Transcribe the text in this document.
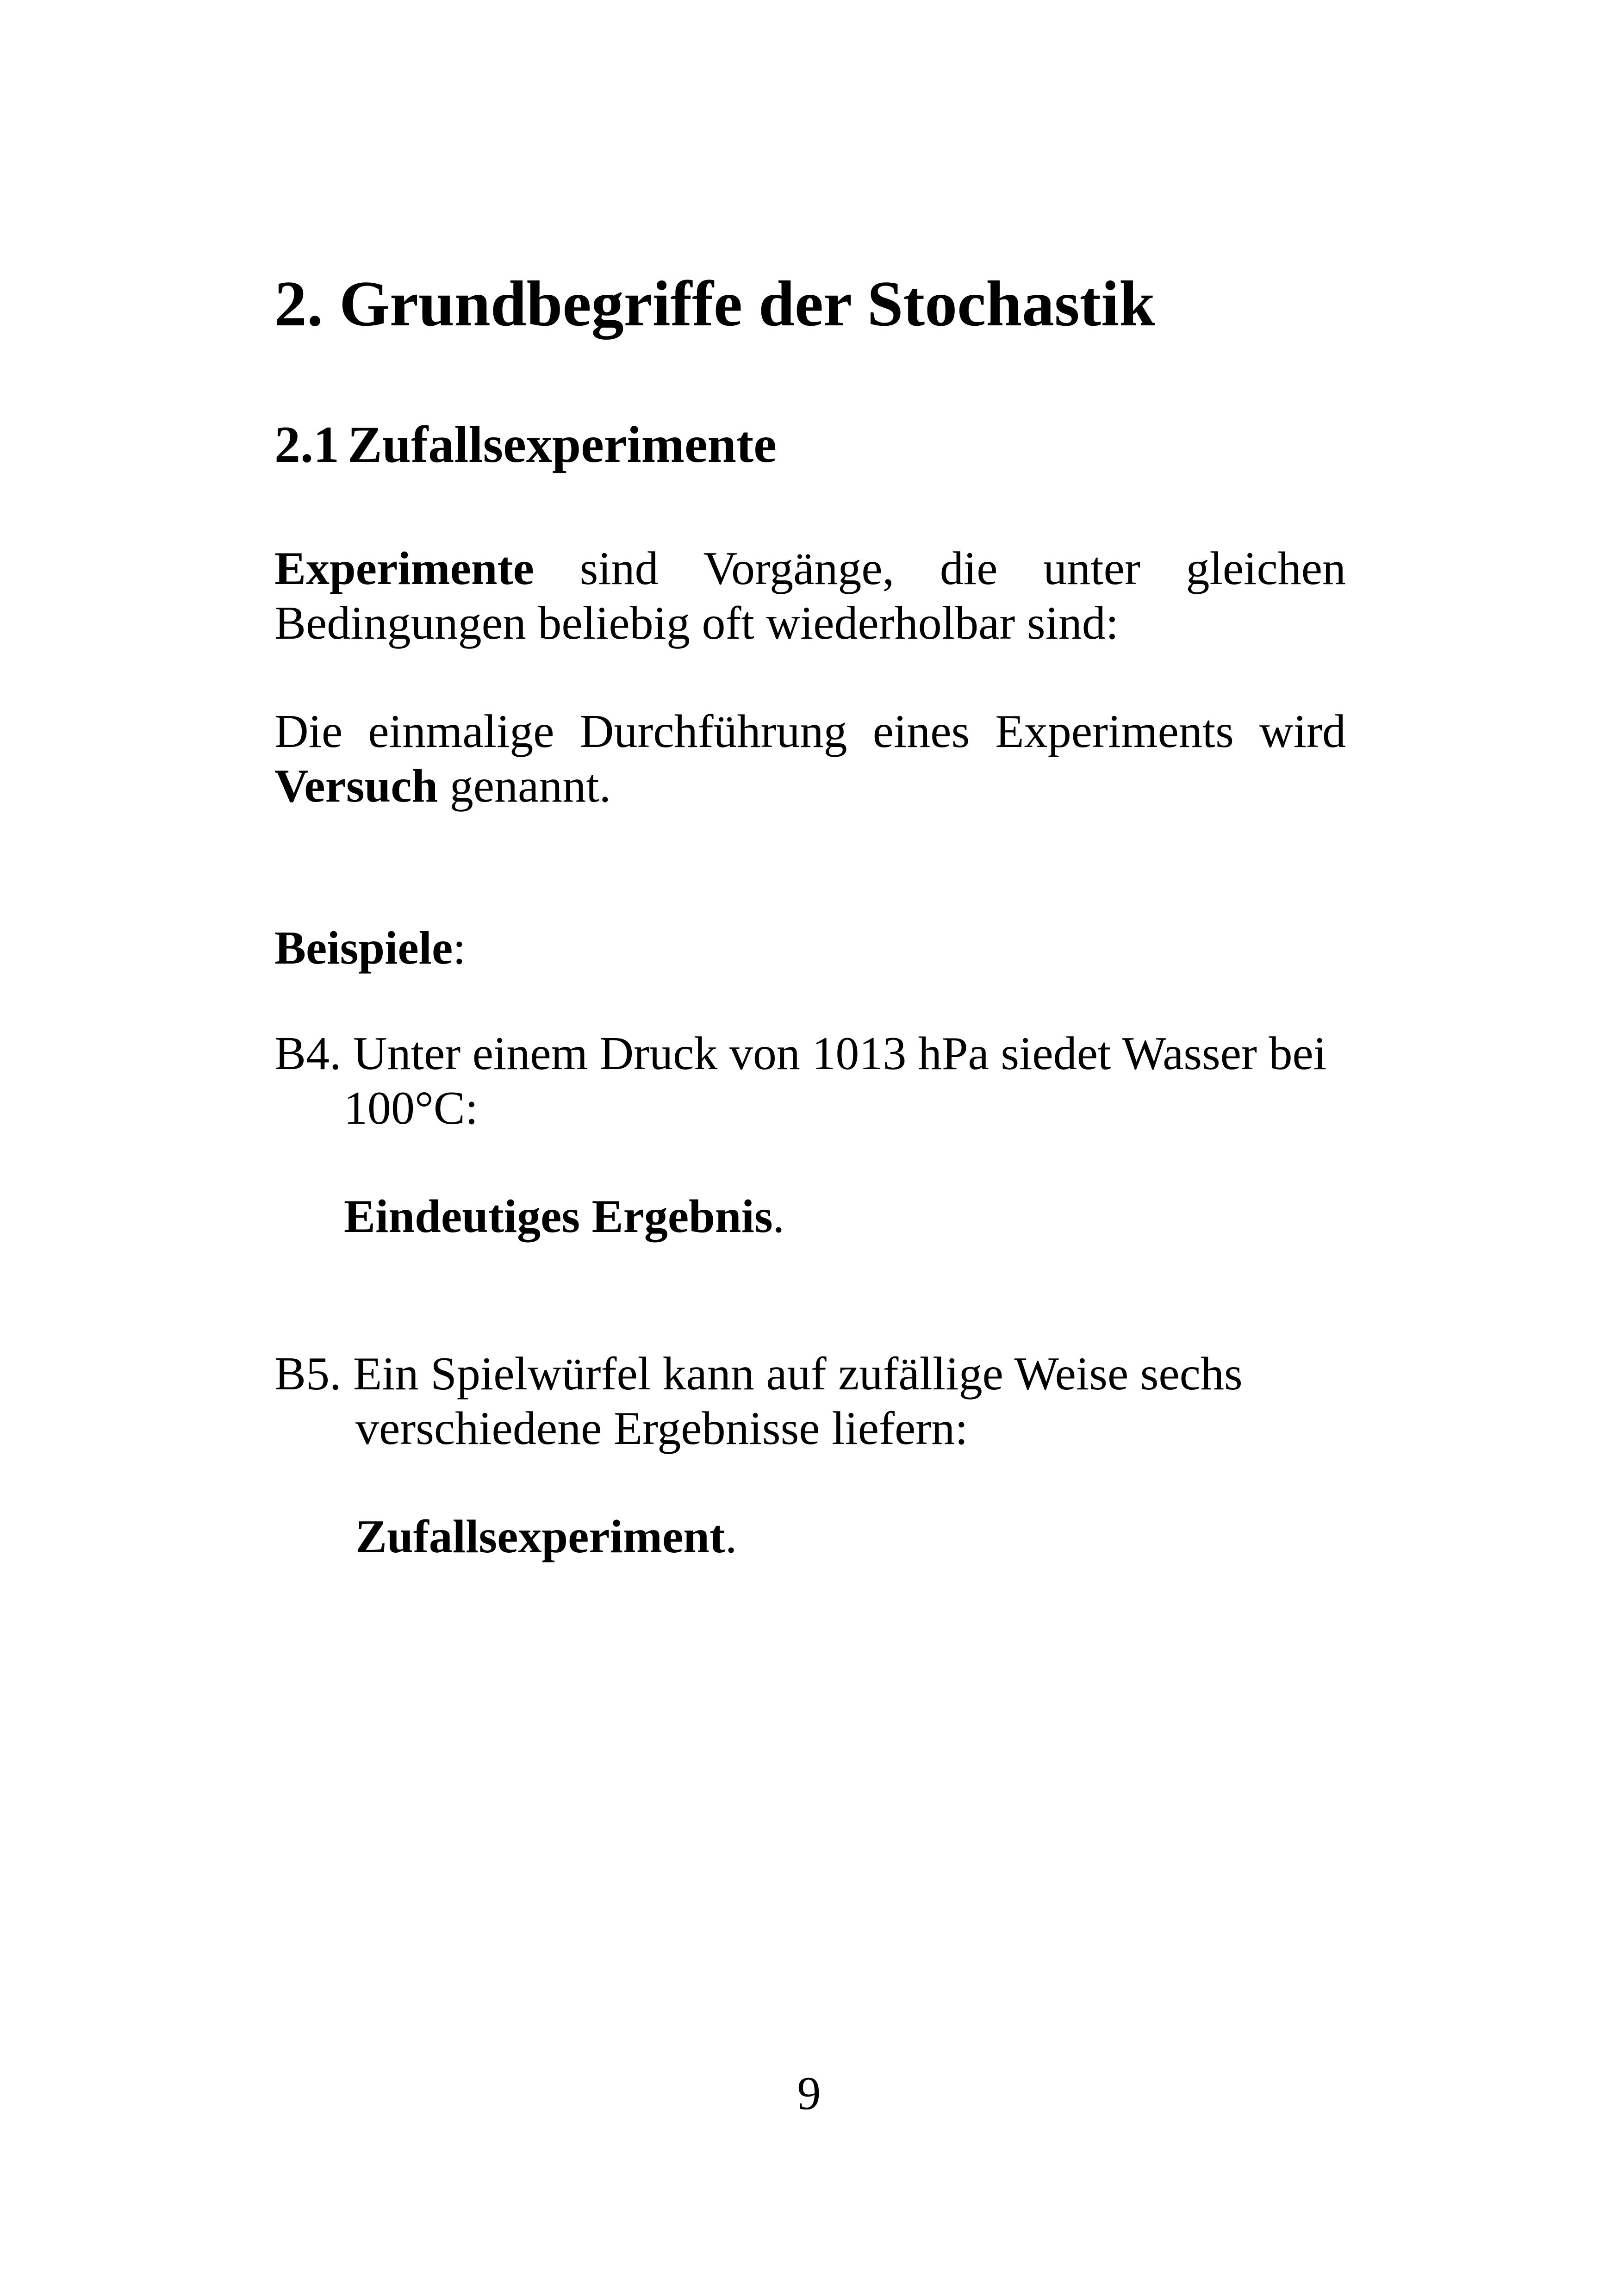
2. Grundbegriffe der Stochastik
2.1 Zufallsexperimente

Experimente sind Vorgänge, die unter gleichen
Bedingungen beliebig oft wiederholbar sind:

Die einmalige Durchführung eines Experiments wird
Versuch genannt.

Beispiele:

B4. Unter einem Druck von 1013 hPa siedet Wasser bei
100°C:

Eindeutiges Ergebnis.

B5. Ein Spielwürfel kann auf zufällige Weise sechs
verschiedene Ergebnisse liefern:

Zufallsexperiment.

9
